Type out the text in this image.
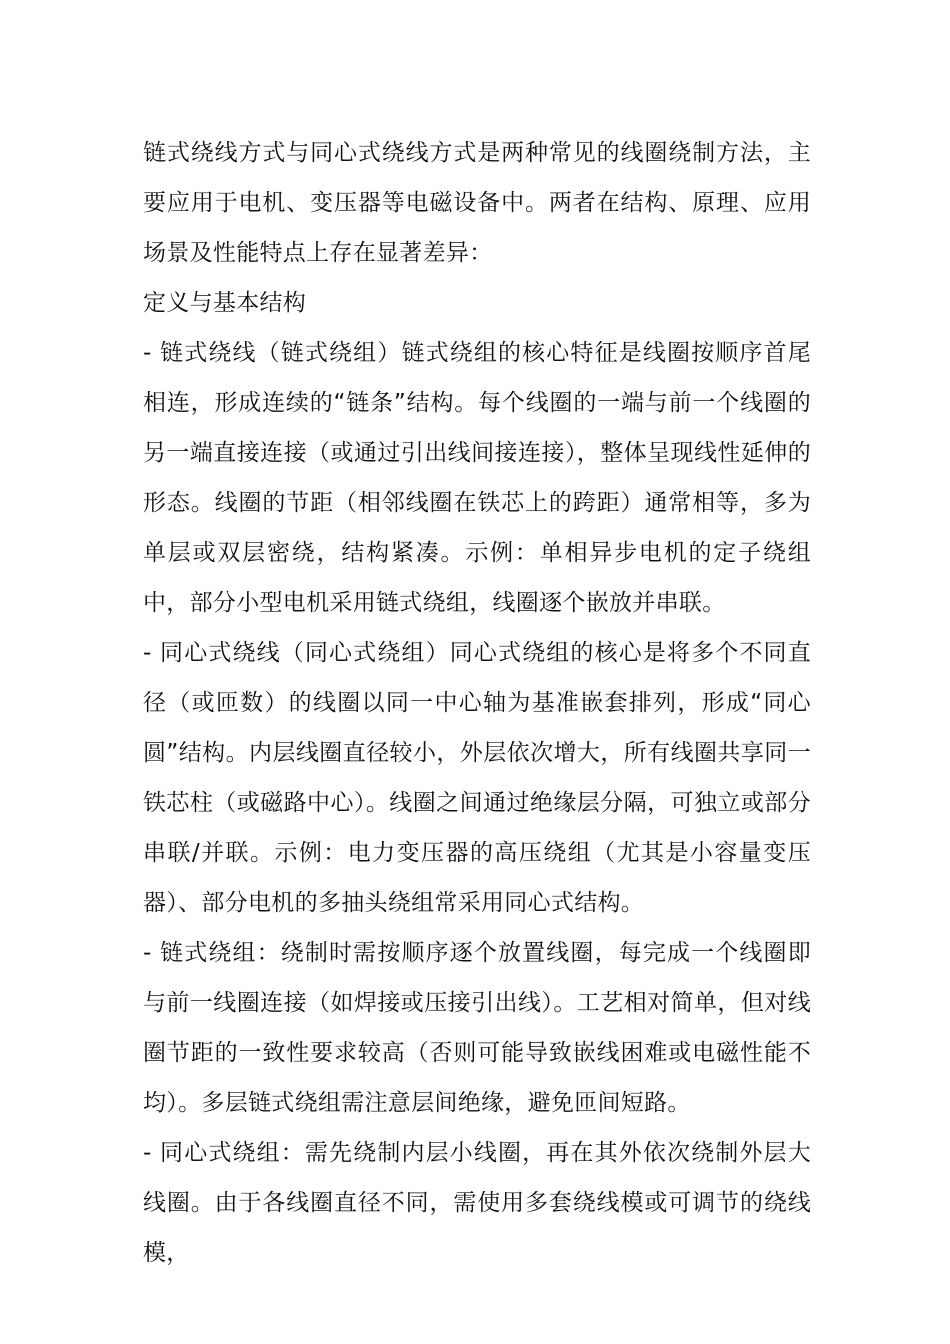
链式绕线方式与同心式绕线方式是两种常见的线圈绕制方法，主要应用于电机、变压器等电磁设备中。两者在结构、原理、应用场景及性能特点上存在显著差异：

定义与基本结构

- 链式绕线（链式绕组）链式绕组的核心特征是线圈按顺序首尾相连，形成连续的“链条”结构。每个线圈的一端与前一个线圈的另一端直接连接（或通过引出线间接连接），整体呈现线性延伸的形态。线圈的节距（相邻线圈在铁芯上的跨距）通常相等，多为单层或双层密绕，结构紧凑。示例：单相异步电机的定子绕组中，部分小型电机采用链式绕组，线圈逐个嵌放并串联。

- 同心式绕线（同心式绕组）同心式绕组的核心是将多个不同直径（或匝数）的线圈以同一中心轴为基准嵌套排列，形成“同心圆”结构。内层线圈直径较小，外层依次增大，所有线圈共享同一铁芯柱（或磁路中心）。线圈之间通过绝缘层分隔，可独立或部分串联/并联。示例：电力变压器的高压绕组（尤其是小容量变压器）、部分电机的多抽头绕组常采用同心式结构。

- 链式绕组：绕制时需按顺序逐个放置线圈，每完成一个线圈即与前一线圈连接（如焊接或压接引出线）。工艺相对简单，但对线圈节距的一致性要求较高（否则可能导致嵌线困难或电磁性能不均）。多层链式绕组需注意层间绝缘，避免匝间短路。

- 同心式绕组：需先绕制内层小线圈，再在其外依次绕制外层大线圈。由于各线圈直径不同，需使用多套绕线模或可调节的绕线模，
